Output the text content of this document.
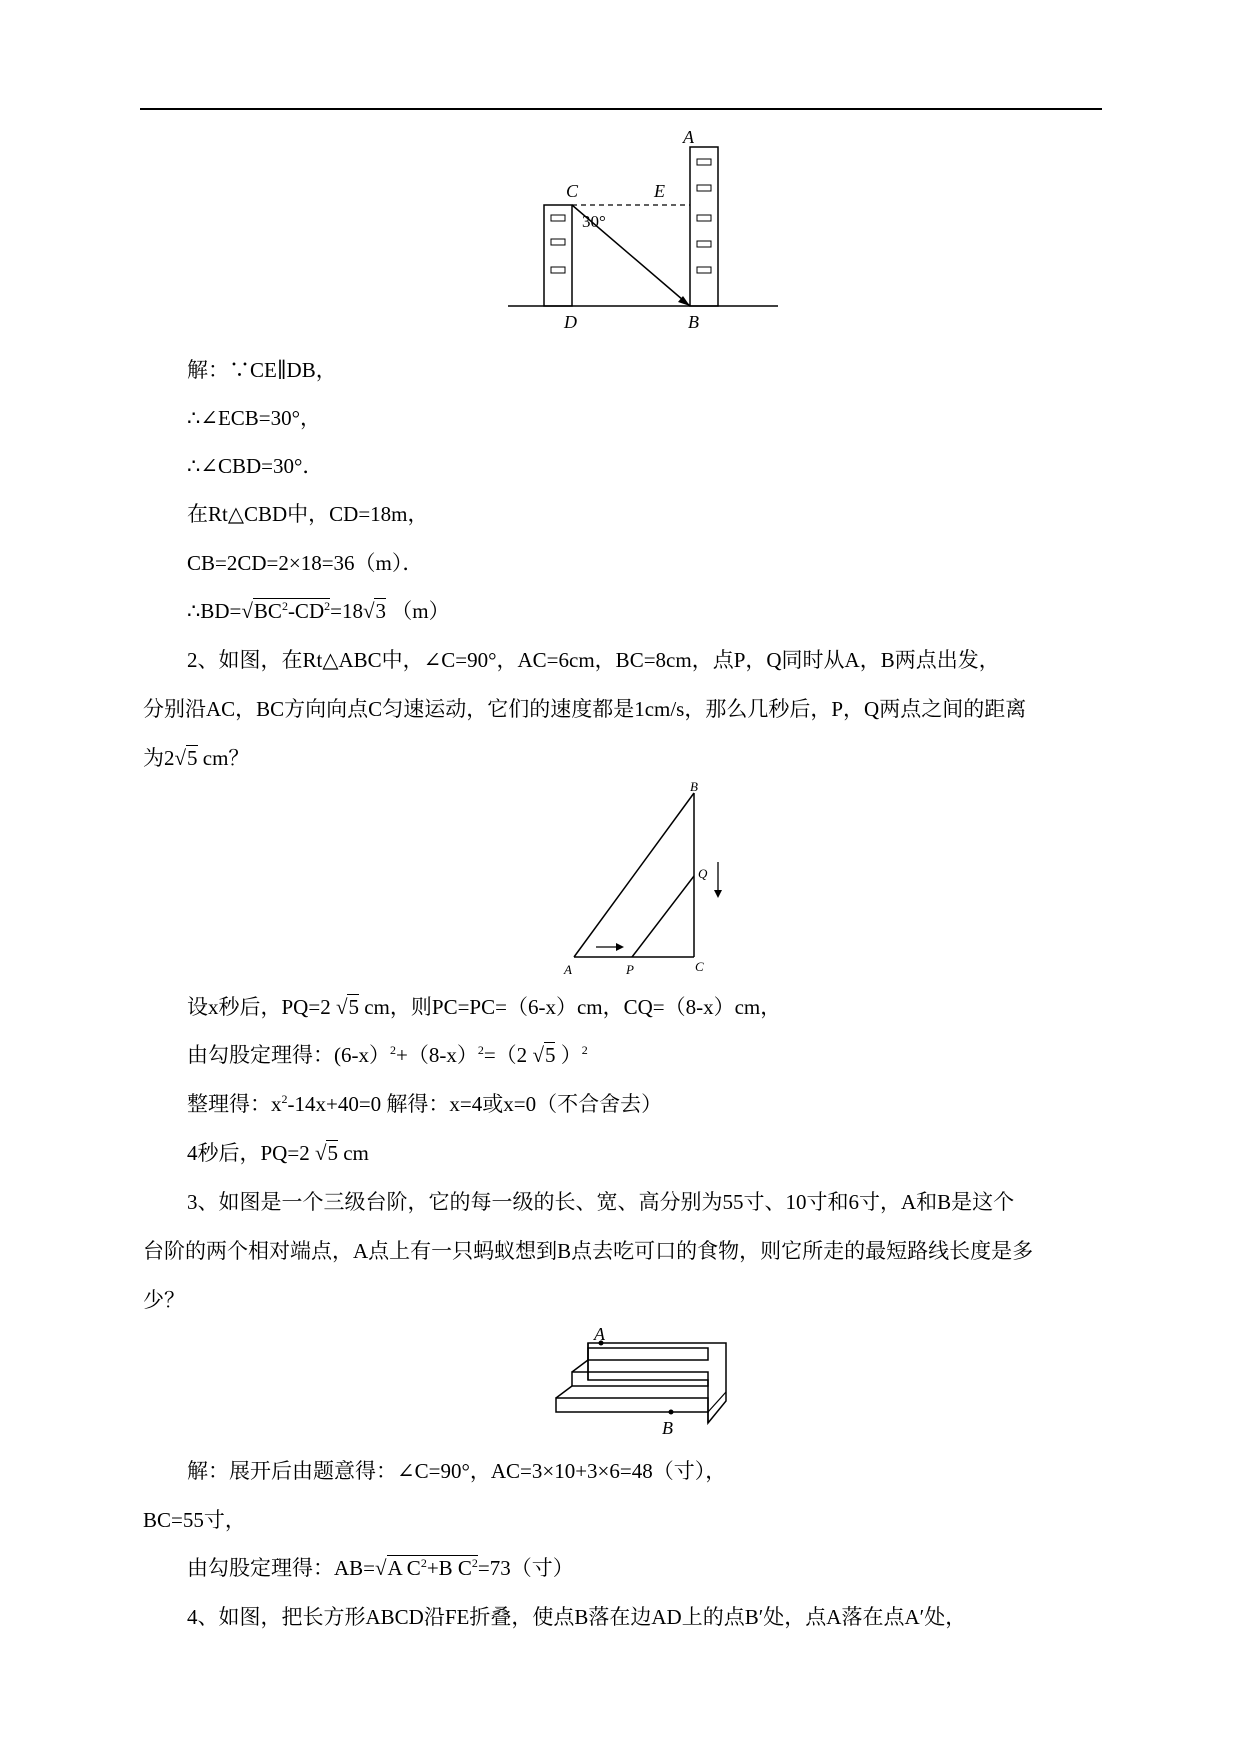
A
C	E
30°
D	B
解：∵CE∥DB，
∴∠ECB=30°，
∴∠CBD=30°．
在Rt△CBD中，CD=18m，
CB=2CD=2×18=36（m）．
$\therefore BD=√BC^2-CD^2=18√3$ （m）
2、如图，在Rt△ABC中，∠C=90°，AC=6cm，BC=8cm，点P，Q同时从A，B两点出发，
分别沿AC，BC方向向点C匀速运动，它们的速度都是1cm/s，那么几秒后，P，Q两点之间的距离
为2√5 cm？
B
Q
A	P	C
设x秒后，PQ=2 √5 cm，则PC=PC=（6-x）cm，CQ=（8-x）cm，
由勾股定理得：$(6-x)^2+(8-x)^2=(2$ √5 ）$^2$
整理得：$x^2-14x+40=0$ 解得：x=4或x=0（不合舍去）
4秒后，PQ=2 √5 cm
3、如图是一个三级台阶，它的每一级的长、宽、高分别为55寸、10寸和6寸，A和B是这个
台阶的两个相对端点，A点上有一只蚂蚁想到B点去吃可口的食物，则它所走的最短路线长度是多
少？
A
B
解：展开后由题意得：∠C=90°，AC=3×10+3×6=48（寸），
BC=55寸，
由勾股定理得：AB=√A $C^2+B$ $C^2=73$（寸）
4、如图，把长方形ABCD沿FE折叠，使点B落在边AD上的点B′处，点A落在点A′处，
